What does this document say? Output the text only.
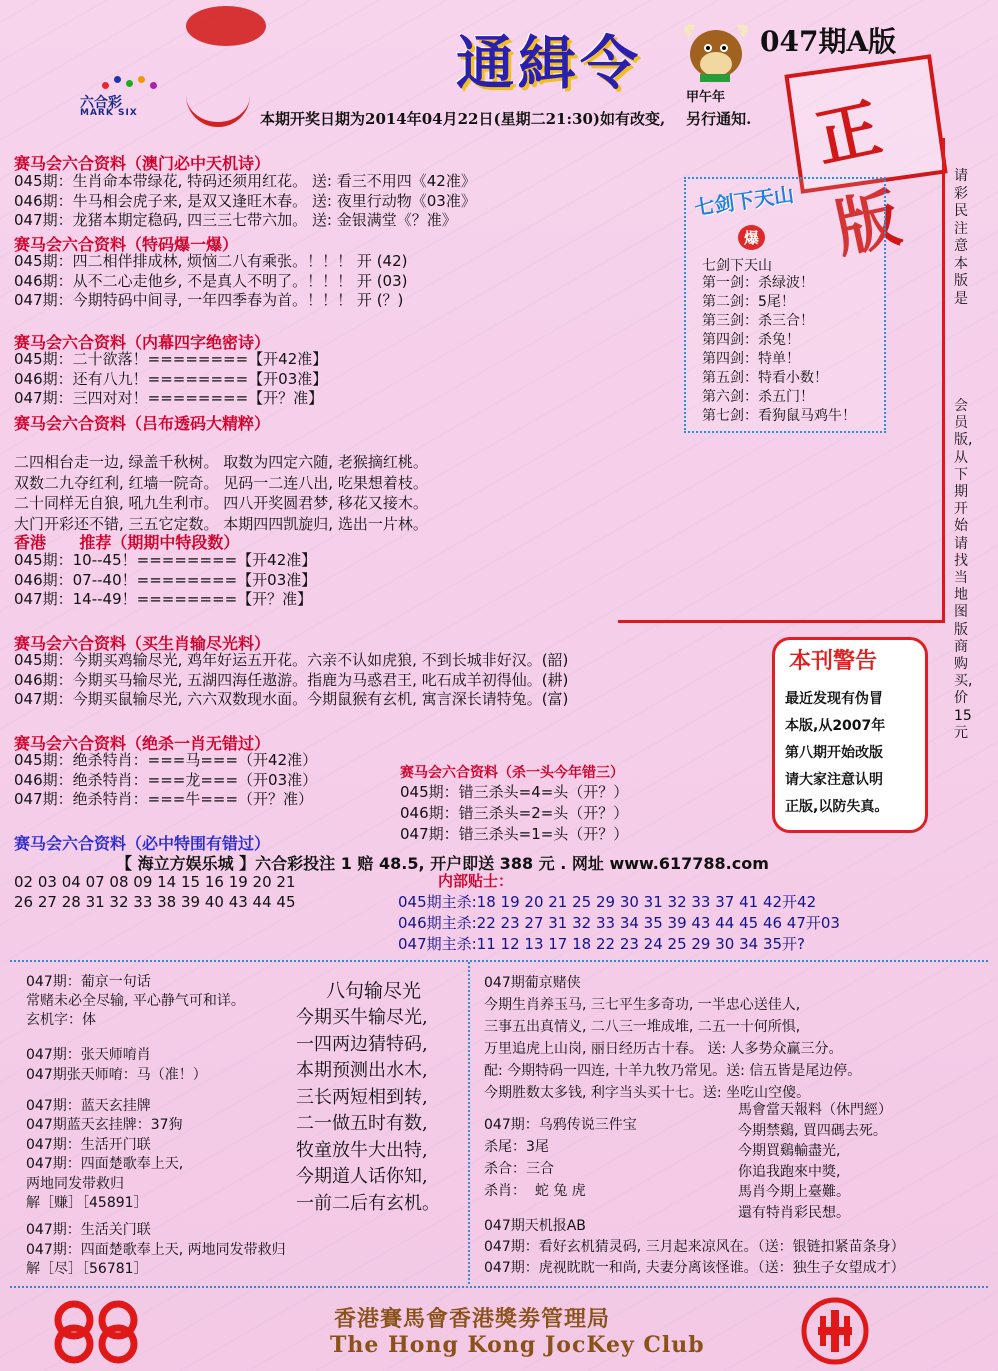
六合彩
MARK SIX
通緝令	047期A版
甲午年 正版
本期开奖日期为2014年04月22日(星期二21:30)如有改变,    另行通知.
赛马会六合资料（澳门必中天机诗）
045期：生肖命本带绿花, 特码还须用红花。 送: 看三不用四《42准》
046期：牛马相会虎子来, 是双又逢旺木春。 送: 夜里行动物《03准》
047期：龙猪本期定稳码, 四三三七带六加。 送: 金银满堂《？准》
赛马会六合资料（特码爆一爆）
045期：四二相伴排成林, 烦恼二八有乘张。！！！ 开 (42)
046期：从不二心走他乡, 不是真人不明了。！！！ 开 (03)
047期：今期特码中间寻, 一年四季春为首。！！！ 开 (？)
赛马会六合资料（内幕四字绝密诗）
045期：二十欲落！========【开42准】
046期：还有八九！========【开03准】
047期：三四对对！========【开？准】
赛马会六合资料（吕布透码大精粹）
二四相台走一边, 绿盖千秋树。 取数为四定六随, 老猴摘红桃。
双数二九夺红利, 红墙一院奇。 见码一二连八出, 吃果想着枝。
二十同样无自狼, 吼九生利市。 四八开奖圆君梦, 移花又接木。
大门开彩还不错, 三五它定数。 本期四四凯旋归, 选出一片林。
香港      推荐（期期中特段数）
045期：10--45！========【开42准】
046期：07--40！========【开03准】
047期：14--49！========【开？准】
赛马会六合资料（买生肖输尽光料）
045期：今期买鸡输尽光, 鸡年好运五开花。六亲不认如虎狼, 不到长城非好汉。(韶)
046期：今期买马输尽光, 五湖四海任遨游。指鹿为马惑君王, 叱石成羊初得仙。(耕)
047期：今期买鼠输尽光, 六六双数现水面。今期鼠猴有玄机, 寓言深长请特兔。(富)
赛马会六合资料（绝杀一肖无错过）
045期：绝杀特肖：===马===（开42准）
046期：绝杀特肖：===龙===（开03准）
047期：绝杀特肖：===牛===（开？准）
赛马会六合资料（杀一头今年错三）
045期：错三杀头=4=头（开？）
046期：错三杀头=2=头（开？）
047期：错三杀头=1=头（开？）
赛马会六合资料（必中特围有错过）
【 海立方娱乐城 】六合彩投注 1 赔 48.5, 开户即送 388 元 . 网址 www.617788.com
02 03 04 07 08 09 14 15 16 19 20 21
26 27 28 31 32 33 38 39 40 43 44 45
内部贴士：
045期主杀:18 19 20 21 25 29 30 31 32 33 37 41 42开42
046期主杀:22 23 27 31 32 33 34 35 39 43 44 45 46 47开03
047期主杀:11 12 13 17 18 22 23 24 25 29 30 34 35开?
七剑下天山
爆
七剑下天山
第一剑：杀绿波！
第二剑：5尾！
第三剑：杀三合！
第四剑：杀兔！
第四剑：特单！
第五剑：特看小数！
第六剑：杀五门！
第七剑：看狗鼠马鸡牛！
请彩民注意本版是
会员版,从下期开始请找当地图版商购买,价15元
本刊警告
最近发现有伪冒
本版,从2007年
第八期开始改版
请大家注意认明
正版,以防失真。
047期：葡京一句话
常赌未必全尽输, 平心静气可和详。
玄机字：体
047期：张天师唷肖
047期张天师唷：马（准！）
047期：蓝天玄挂牌
047期蓝天玄挂牌：37狗
047期：生活开门联
047期：四面楚歌奉上天,
两地同发带救归
解［赚］［45891］
047期：生活关门联
047期：四面楚歌奉上天, 两地同发带救归
解［尽］［56781］
八句输尽光
今期买牛输尽光,
一四两边猜特码,
本期预测出水木,
三长两短相到转,
二一做五时有数,
牧童放牛大出特,
今期道人话你知,
一前二后有玄机。
047期葡京赌侠
今期生肖养玉马, 三七平生多奇功, 一半忠心送佳人,
三事五出真情义, 二八三一堆成堆, 二五一十何所惧,
万里追虎上山岗, 丽日经历古十春。 送: 人多势众赢三分。
配: 今期特码一四连, 十羊九牧乃常见。送: 信五皆是尾边停。
今期胜数太多钱, 利字当头买十七。送: 坐吃山空傻。
047期：乌鸦传说三件宝
杀尾：3尾
杀合：三合
杀肖：  蛇 兔 虎
馬會當天報料（休門經）
今期禁鷄, 買四碼去死。
今期買鷄輸盡光,
你追我跑來中獎,
馬肖今期上臺難。
還有特肖彩民想。
047期天机报AB
047期：看好玄机猜灵码, 三月起来凉风在。（送：银链扣紧苗条身）
047期：虎视眈眈一和尚, 夫妻分离该怪谁。（送：独生子女望成才）
香港賽馬會香港獎劵管理局
The Hong Kong JocKey Club
